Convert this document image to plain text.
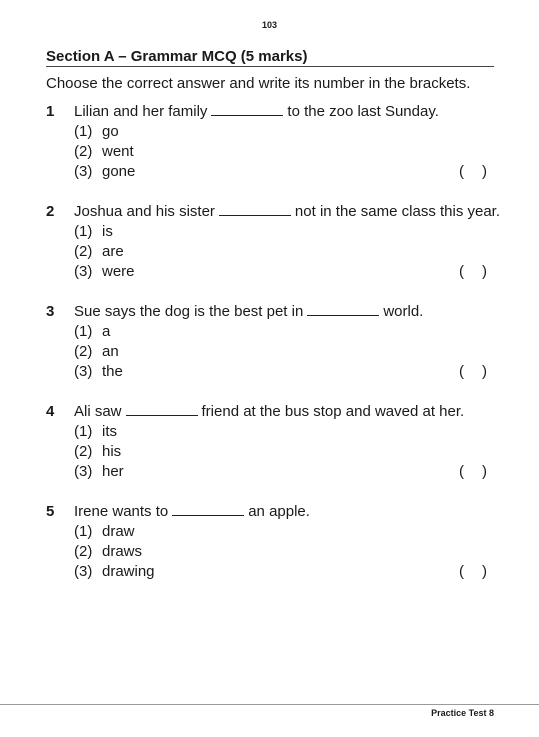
103
Section A – Grammar MCQ (5 marks)
Choose the correct answer and write its number in the brackets.
1 Lilian and her family	to the zoo last Sunday.
(1) go
(2) went
(3) gone	( )
2 Joshua and his sister	not in the same class this year.
(1) is
(2) are
(3) were	( )
3 Sue says the dog is the best pet in	world.
(1) a
(2) an
(3) the	( )
4 Ali saw	friend at the bus stop and waved at her.
(1) its
(2) his
(3) her	( )
5 Irene wants to	an apple.
(1) draw
(2) draws
(3) drawing	( )
Practice Test 8
